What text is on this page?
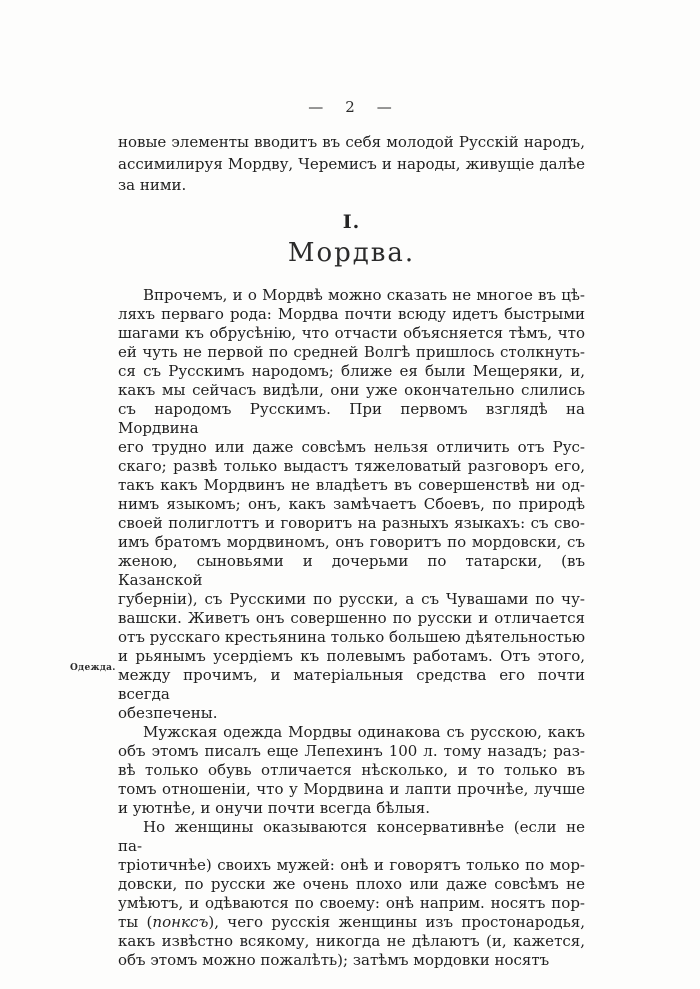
— 2 —
новые элементы вводитъ въ себя молодой Русскій народъ,
ассимилируя Мордву, Черемисъ и народы, живущіе далѣе
за ними.
I.
Мордва.
Одежда.
Впрочемъ, и о Мордвѣ можно сказать не многое въ цѣ-
ляхъ перваго рода: Мордва почти всюду идетъ быстрыми
шагами къ обрусѣнію, что отчасти объясняется тѣмъ, что
ей чуть не первой по средней Волгѣ пришлось столкнуть-
ся съ Русскимъ народомъ; ближе ея были Мещеряки, и,
какъ мы сейчасъ видѣли, они уже окончательно слились
съ народомъ Русскимъ. При первомъ взглядѣ на Мордвина
его трудно или даже совсѣмъ нельзя отличить отъ Рус-
скаго; развѣ только выдастъ тяжеловатый разговоръ его,
такъ какъ Мордвинъ не владѣетъ въ совершенствѣ ни од-
нимъ языкомъ; онъ, какъ замѣчаетъ Сбоевъ, по природѣ
своей полиглоттъ и говоритъ на разныхъ языкахъ: съ сво-
имъ братомъ мордвиномъ, онъ говоритъ по мордовски, съ
женою, сыновьями и дочерьми по татарски, (въ Казанской
губерніи), съ Русскими по русски, а съ Чувашами по чу-
вашски. Живетъ онъ совершенно по русски и отличается
отъ русскаго крестьянина только большею дѣятельностью
и рьянымъ усердіемъ къ полевымъ работамъ. Отъ этого,
между прочимъ, и матеріальныя средства его почти всегда
обезпечены.
Мужская одежда Мордвы одинакова съ русскою, какъ
объ этомъ писалъ еще Лепехинъ 100 л. тому назадъ; раз-
вѣ только обувь отличается нѣсколько, и то только въ
томъ отношеніи, что у Мордвина и лапти прочнѣе, лучше
и уютнѣе, и онучи почти всегда бѣлыя.
Но женщины оказываются консервативнѣе (если не па-
тріотичнѣе) своихъ мужей: онѣ и говорятъ только по мор-
довски, по русски же очень плохо или даже совсѣмъ не
умѣютъ, и одѣваются по своему: онѣ наприм. носятъ пор-
ты (понксъ), чего русскія женщины изъ простонародья,
какъ извѣстно всякому, никогда не дѣлаютъ (и, кажется,
объ этомъ можно пожалѣть); затѣмъ мордовки носятъ
